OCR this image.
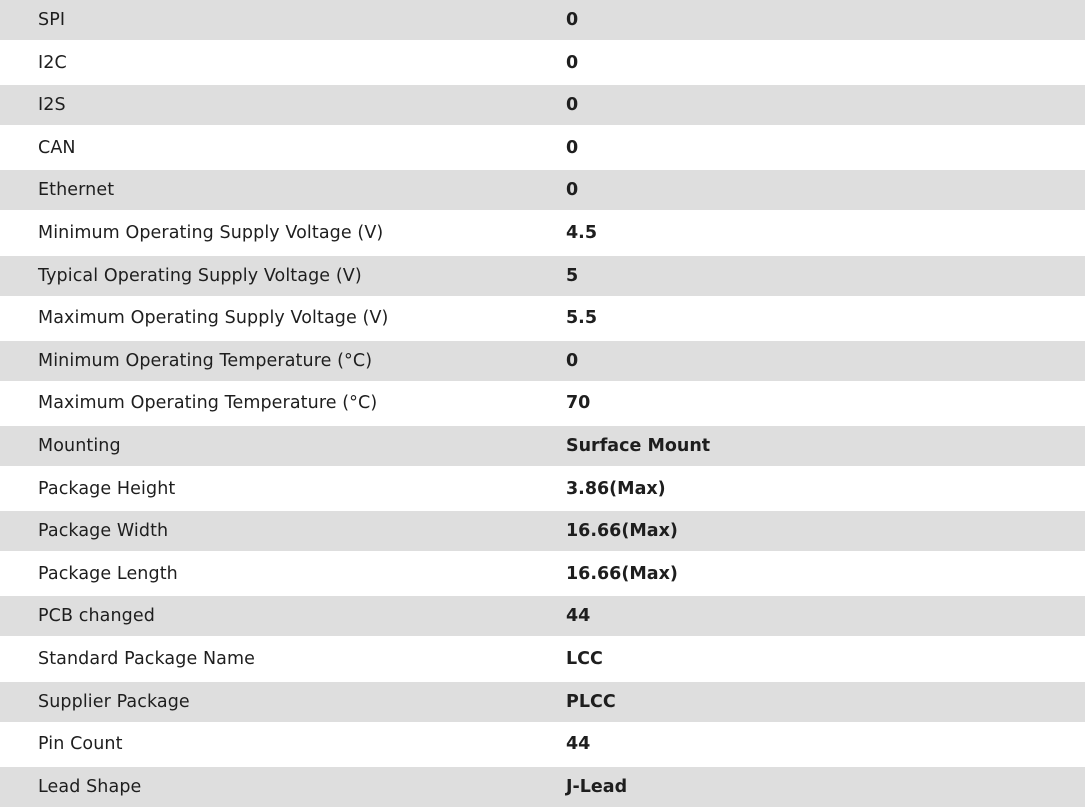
SPI	0
I2C	0
I2S	0
CAN	0
Ethernet	0
Minimum Operating Supply Voltage (V)	4.5
Typical Operating Supply Voltage (V)	5
Maximum Operating Supply Voltage (V)	5.5
Minimum Operating Temperature (°C)	0
Maximum Operating Temperature (°C)	70
Mounting	Surface Mount
Package Height	3.86(Max)
Package Width	16.66(Max)
Package Length	16.66(Max)
PCB changed	44
Standard Package Name	LCC
Supplier Package	PLCC
Pin Count	44
Lead Shape	J-Lead
